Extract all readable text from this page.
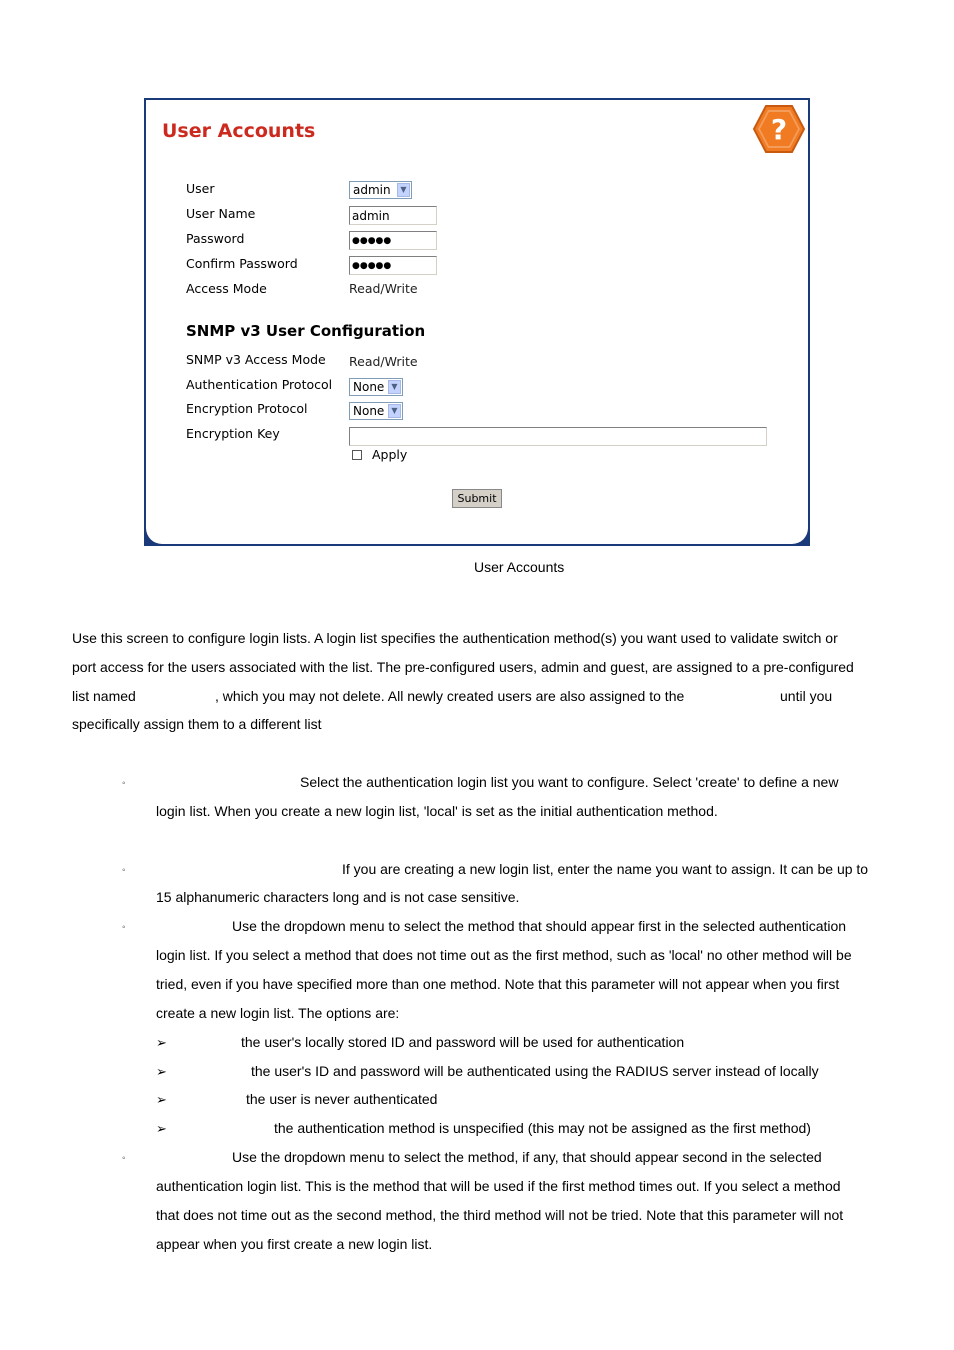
User Accounts	?
User	admin	▼
User Name	admin
Password	●●●●●
Confirm Password	●●●●●
Access Mode	Read/Write
SNMP v3 User Configuration
SNMP v3 Access Mode Read/Write
Authentication Protocol	None ▼
Encryption Protocol	None ▼
Encryption Key
Apply
Submit
User Accounts
Use this screen to configure login lists. A login list specifies the authentication method(s) you want used to validate switch or
port access for the users associated with the list. The pre-configured users, admin and guest, are assigned to a pre-configured
list named	, which you may not delete. All newly created users are also assigned to the	until you
specifically assign them to a different list
◦	Select the authentication login list you want to configure. Select 'create' to define a new
login list. When you create a new login list, 'local' is set as the initial authentication method.
◦	If you are creating a new login list, enter the name you want to assign. It can be up to
15 alphanumeric characters long and is not case sensitive.
◦	Use the dropdown menu to select the method that should appear first in the selected authentication
login list. If you select a method that does not time out as the first method, such as 'local' no other method will be
tried, even if you have specified more than one method. Note that this parameter will not appear when you first
create a new login list. The options are:
➢	the user's locally stored ID and password will be used for authentication
➢	the user's ID and password will be authenticated using the RADIUS server instead of locally
➢	the user is never authenticated
➢	the authentication method is unspecified (this may not be assigned as the first method)
◦	Use the dropdown menu to select the method, if any, that should appear second in the selected
authentication login list. This is the method that will be used if the first method times out. If you select a method
that does not time out as the second method, the third method will not be tried. Note that this parameter will not
appear when you first create a new login list.
